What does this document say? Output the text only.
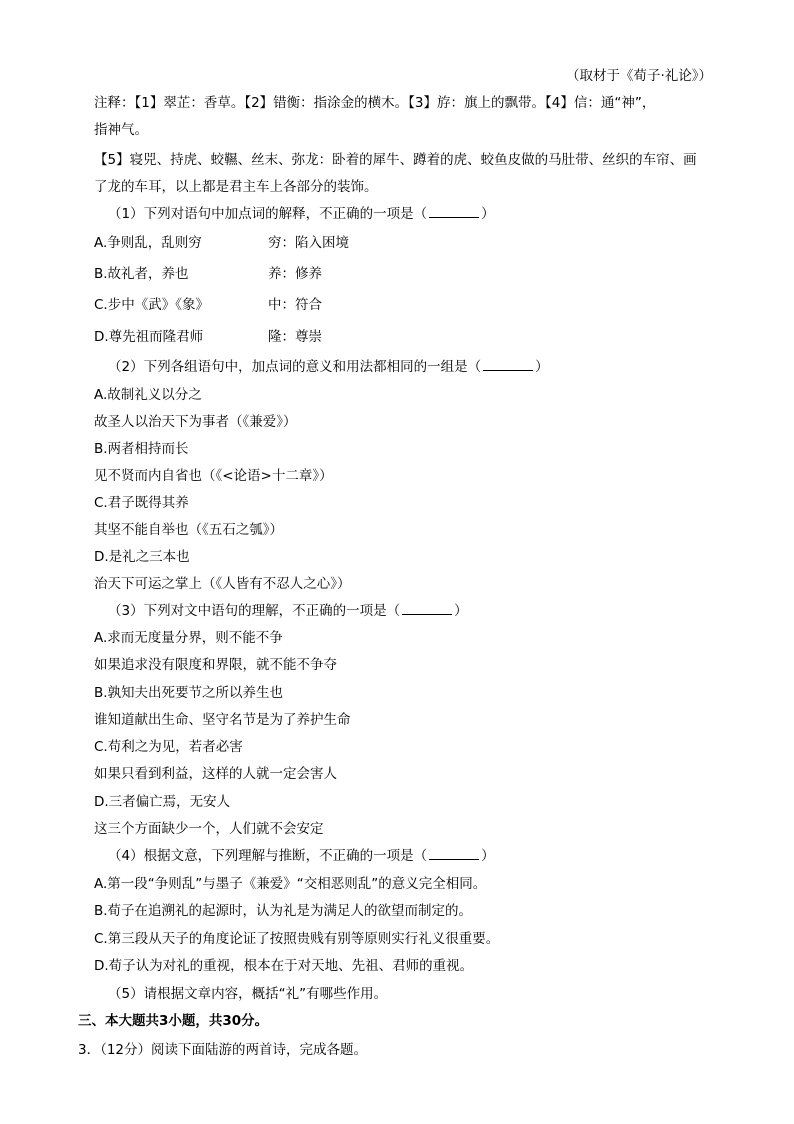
（取材于《荀子·礼论》）
注释：【1】翠芷：香草。【2】错衡：指涂金的横木。【3】斿：旗上的飘带。【4】信：通“神”，
指神气。
【5】寝兕、持虎、蛟韅、丝末、弥龙：卧着的犀牛、蹲着的虎、蛟鱼皮做的马肚带、丝织的车帘、画
了龙的车耳，以上都是君主车上各部分的装饰。
（1）下列对语句中加点词的解释，不正确的一项是（	）
A.争则乱，乱则穷	穷：陷入困境
B.故礼者，养也	养：修养
C.步中《武》《象》	中：符合
D.尊先祖而隆君师	隆：尊崇
（2）下列各组语句中，加点词的意义和用法都相同的一组是（	）
A.故制礼义以分之
故圣人以治天下为事者（《兼爱》）
B.两者相持而长
见不贤而内自省也（《<论语>十二章》）
C.君子既得其养
其坚不能自举也（《五石之瓠》）
D.是礼之三本也
治天下可运之掌上（《人皆有不忍人之心》）
（3）下列对文中语句的理解，不正确的一项是（	）
A.求而无度量分界，则不能不争
如果追求没有限度和界限，就不能不争夺
B.孰知夫出死要节之所以养生也
谁知道献出生命、坚守名节是为了养护生命
C.苟利之为见，若者必害
如果只看到利益，这样的人就一定会害人
D.三者偏亡焉，无安人
这三个方面缺少一个，人们就不会安定
（4）根据文意，下列理解与推断，不正确的一项是（	）
A.第一段“争则乱”与墨子《兼爱》“交相恶则乱”的意义完全相同。
B.荀子在追溯礼的起源时，认为礼是为满足人的欲望而制定的。
C.第三段从天子的角度论证了按照贵贱有别等原则实行礼义很重要。
D.荀子认为对礼的重视，根本在于对天地、先祖、君师的重视。
（5）请根据文章内容，概括“礼”有哪些作用。
三、本大题共3小题，共30分。
3．（12分）阅读下面陆游的两首诗，完成各题。
